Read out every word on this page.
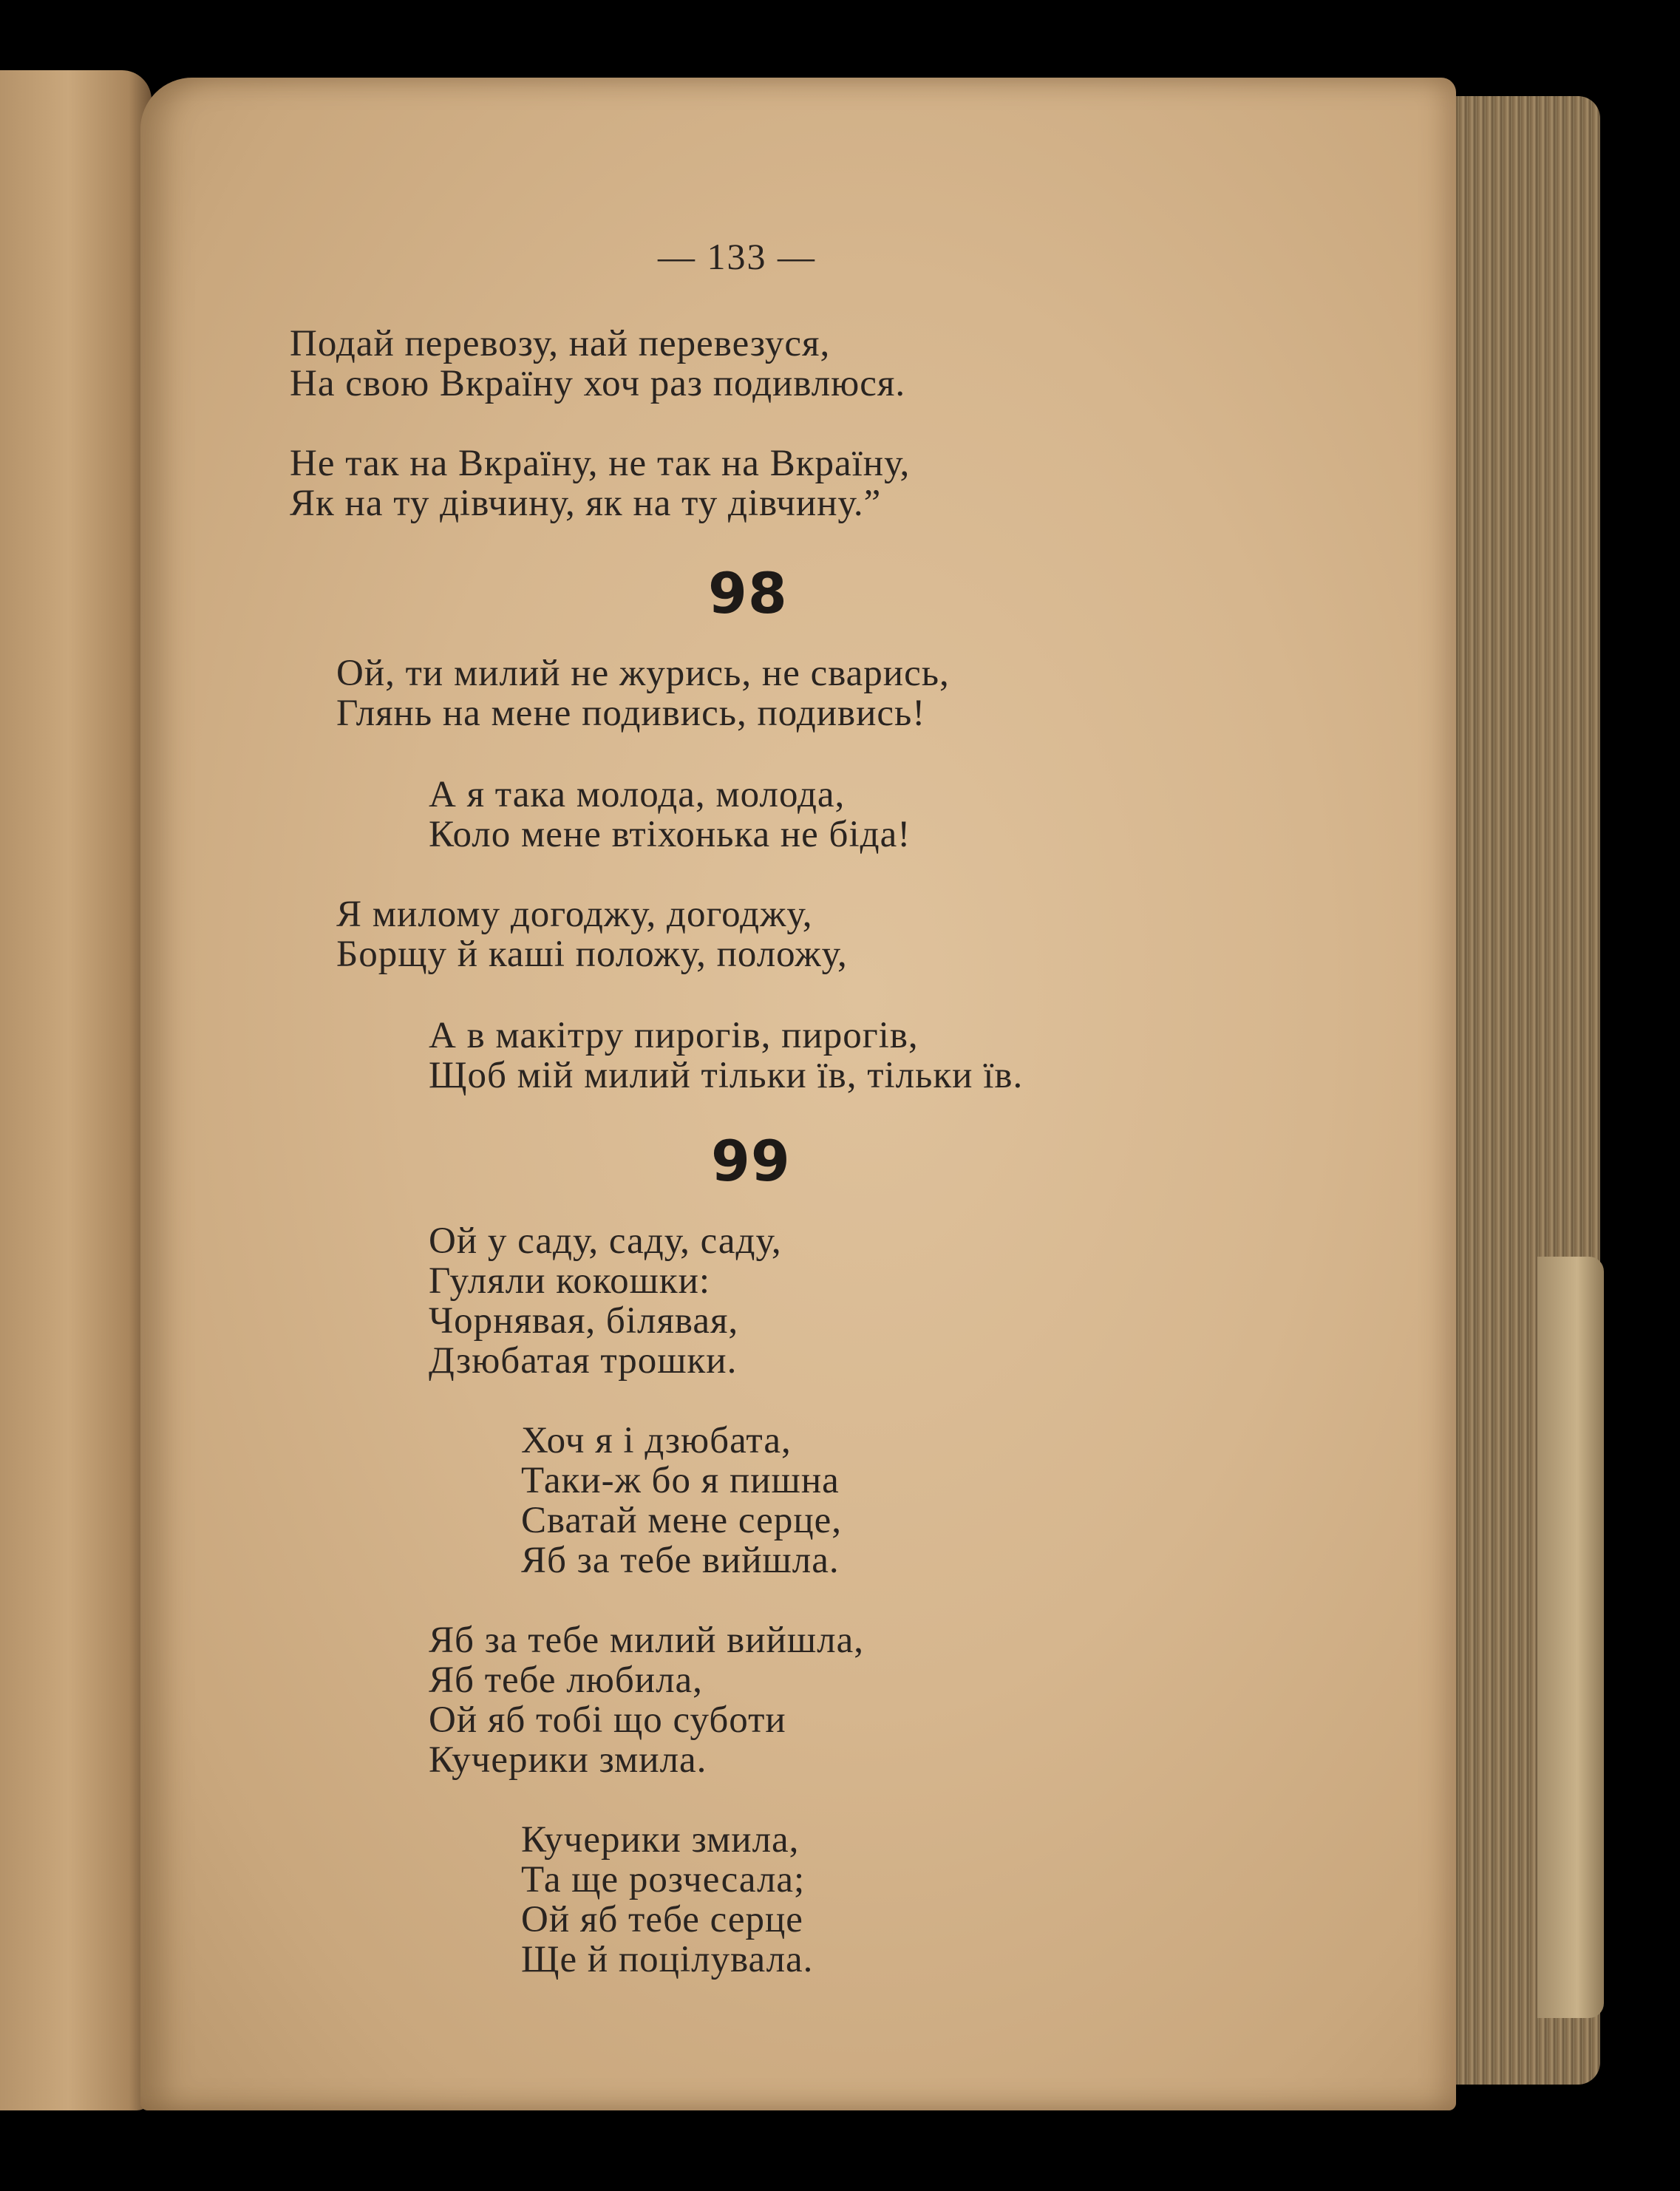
— 133 —
Подай перевозу, най перевезуся,
На свою Вкраїну хоч раз подивлюся.
Не так на Вкраїну, не так на Вкраїну,
Як на ту дівчину, як на ту дівчину.”
98
Ой, ти милий не журись, не сварись,
Глянь на мене подивись, подивись!
А я така молода, молода,
Коло мене втіхонька не біда!
Я милому догоджу, догоджу,
Борщу й каші положу, положу,
А в макітру пирогів, пирогів,
Щоб мій милий тільки їв, тільки їв.
99
Ой у саду, саду, саду,
Гуляли кокошки:
Чорнявая, білявая,
Дзюбатая трошки.
Хоч я і дзюбата,
Таки-ж бо я пишна
Сватай мене серце,
Яб за тебе вийшла.
Яб за тебе милий вийшла,
Яб тебе любила,
Ой яб тобі що суботи
Кучерики змила.
Кучерики змила,
Та ще розчесала;
Ой яб тебе серце
Ще й поцілувала.
